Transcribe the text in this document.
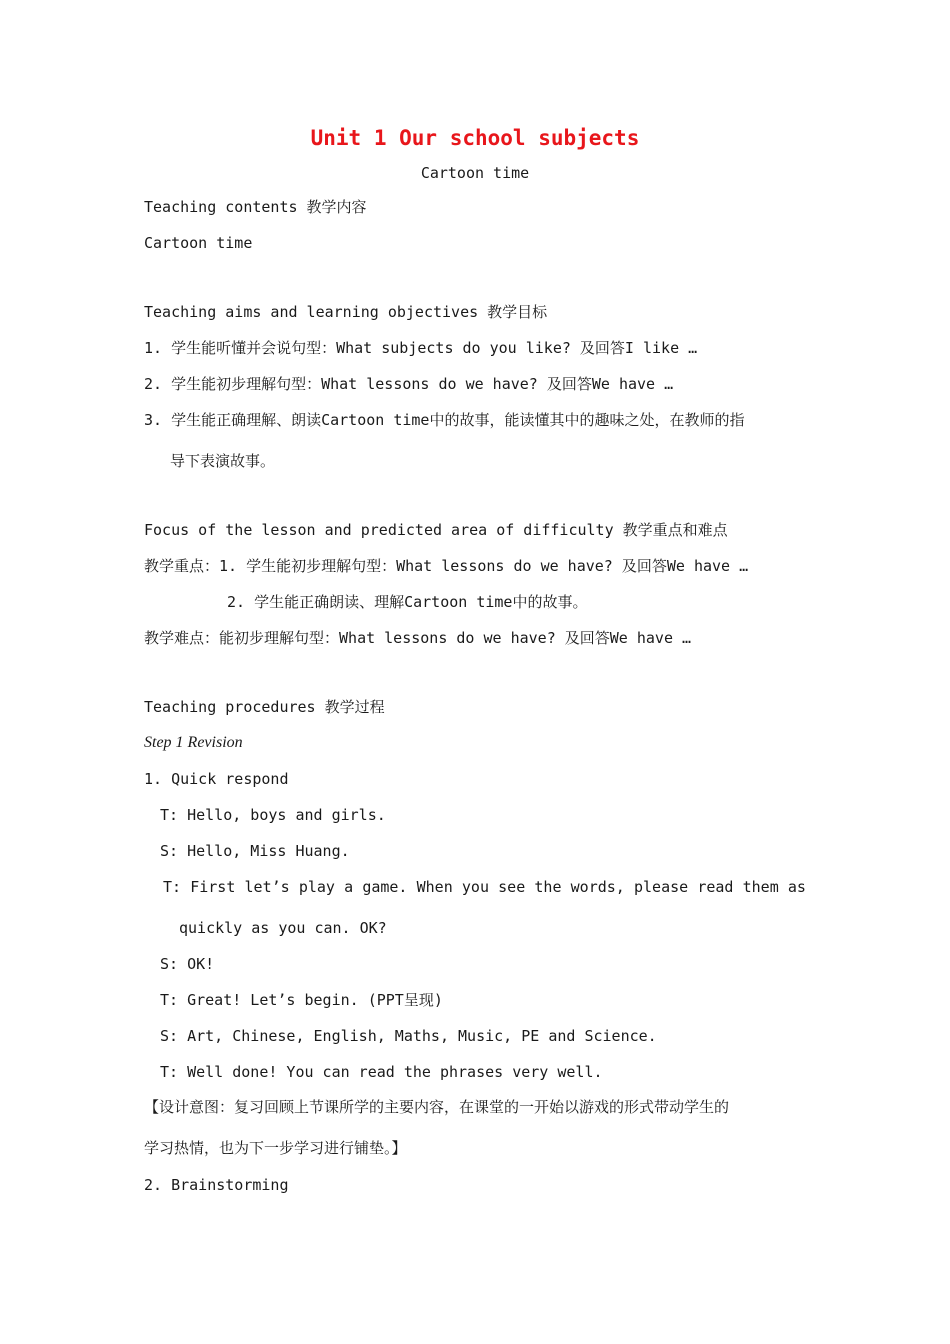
Unit 1 Our school subjects
Cartoon time
Teaching contents 教学内容
Cartoon time
Teaching aims and learning objectives 教学目标
1. 学生能听懂并会说句型：What subjects do you like? 及回答I like …
2. 学生能初步理解句型：What lessons do we have? 及回答We have …
3. 学生能正确理解、朗读Cartoon time中的故事，能读懂其中的趣味之处，在教师的指
导下表演故事。
Focus of the lesson and predicted area of difficulty 教学重点和难点
教学重点：1. 学生能初步理解句型：What lessons do we have? 及回答We have …
2. 学生能正确朗读、理解Cartoon time中的故事。
教学难点：能初步理解句型：What lessons do we have? 及回答We have …
Teaching procedures 教学过程
Step 1 Revision
1. Quick respond
T: Hello, boys and girls.
S: Hello, Miss Huang.
T: First let’s play a game. When you see the words, please read them as
quickly as you can. OK?
S: OK!
T: Great! Let’s begin. (PPT呈现)
S: Art, Chinese, English, Maths, Music, PE and Science.
T: Well done! You can read the phrases very well.
【设计意图：复习回顾上节课所学的主要内容，在课堂的一开始以游戏的形式带动学生的
学习热情，也为下一步学习进行铺垫。】
2. Brainstorming
